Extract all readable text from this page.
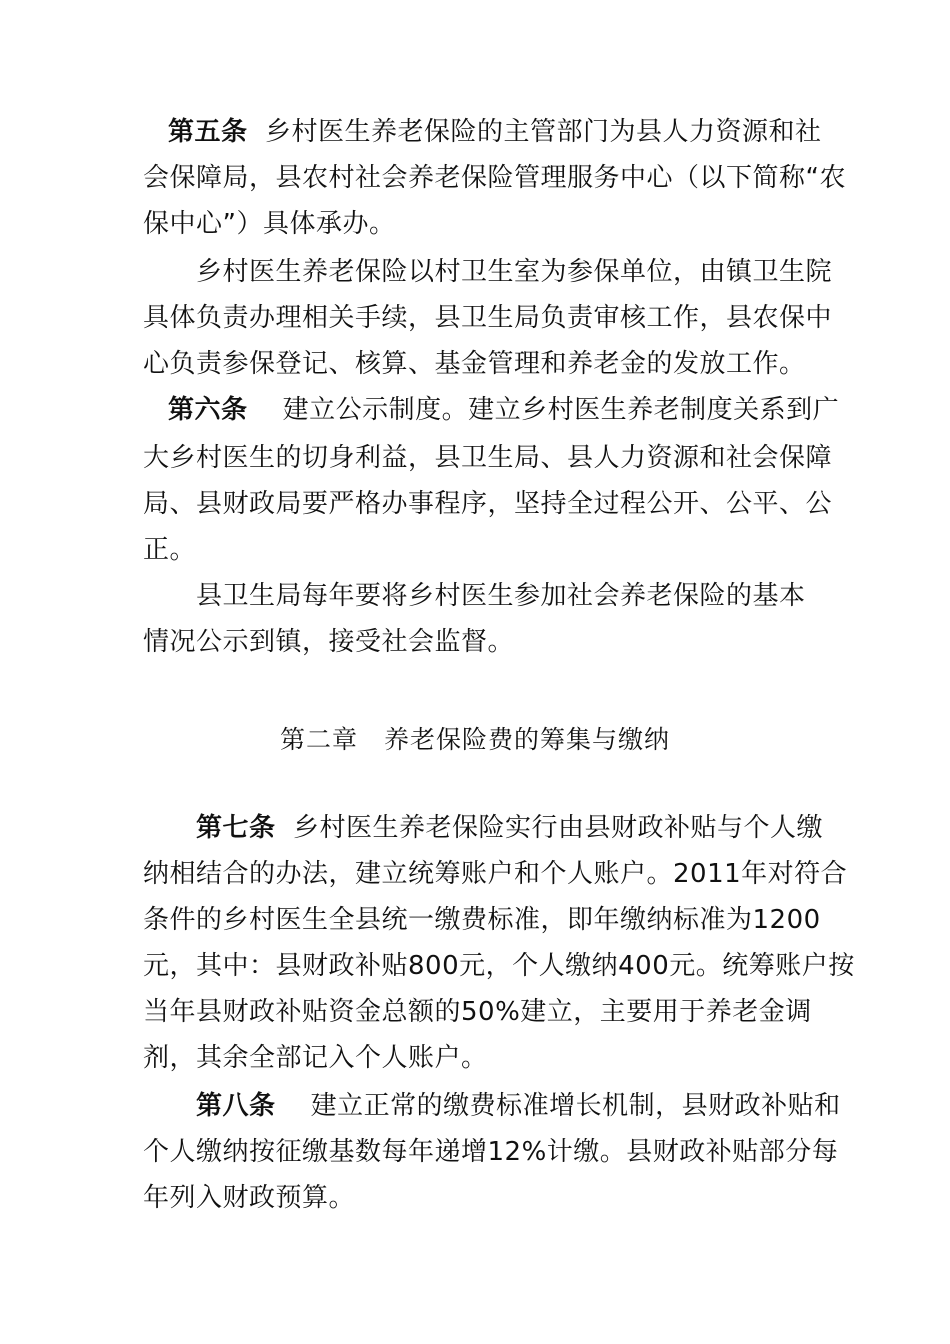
第五条 乡村医生养老保险的主管部门为县人力资源和社
会保障局，县农村社会养老保险管理服务中心（以下简称“农
保中心”）具体承办。
乡村医生养老保险以村卫生室为参保单位，由镇卫生院
具体负责办理相关手续，县卫生局负责审核工作，县农保中
心负责参保登记、核算、基金管理和养老金的发放工作。
第六条 建立公示制度。建立乡村医生养老制度关系到广
大乡村医生的切身利益，县卫生局、县人力资源和社会保障
局、县财政局要严格办事程序，坚持全过程公开、公平、公
正。
县卫生局每年要将乡村医生参加社会养老保险的基本
情况公示到镇，接受社会监督。
第二章　养老保险费的筹集与缴纳
第七条 乡村医生养老保险实行由县财政补贴与个人缴
纳相结合的办法，建立统筹账户和个人账户。2011年对符合
条件的乡村医生全县统一缴费标准，即年缴纳标准为1200
元，其中：县财政补贴800元，个人缴纳400元。统筹账户按
当年县财政补贴资金总额的50%建立，主要用于养老金调
剂，其余全部记入个人账户。
第八条 建立正常的缴费标准增长机制，县财政补贴和
个人缴纳按征缴基数每年递增12%计缴。县财政补贴部分每
年列入财政预算。
